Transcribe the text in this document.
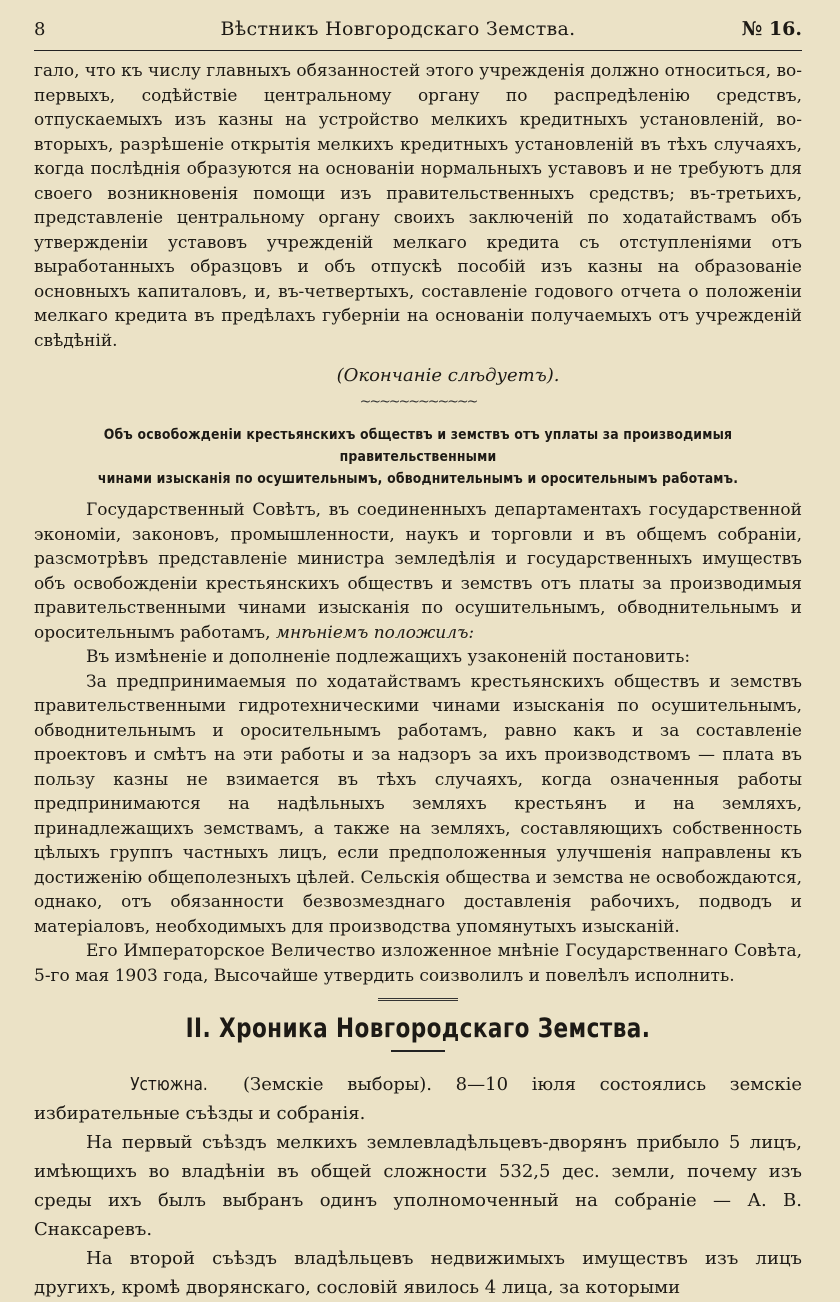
8	Вѣстникъ Новгородскаго Земства.	№ 16.

гало, что къ числу главныхъ обязанностей этого учрежденія должно относиться, во-первыхъ, содѣйствіе центральному органу по распредѣленію средствъ, отпускаемыхъ изъ казны на устройство мелкихъ кредитныхъ установленій, во-вторыхъ, разрѣшеніе открытія мелкихъ кредитныхъ установленій въ тѣхъ случаяхъ, когда послѣднія образуются на основаніи нормальныхъ уставовъ и не требуютъ для своего возникновенія помощи изъ правительственныхъ средствъ; въ-третьихъ, представленіе центральному органу своихъ заключеній по ходатайствамъ объ утвержденіи уставовъ учрежденій мелкаго кредита съ отступленіями отъ выработанныхъ образцовъ и объ отпускѣ пособій изъ казны на образованіе основныхъ капиталовъ, и, въ-четвертыхъ, составленіе годового отчета о положеніи мелкаго кредита въ предѣлахъ губерніи на основаніи получаемыхъ отъ учрежденій свѣдѣній.

(Окончаніе слѣдуетъ).
~~~~~~~~~~~~
Объ освобожденіи крестьянскихъ обществъ и земствъ отъ уплаты за производимыя правительственными
чинами изысканія по осушительнымъ, обводнительнымъ и оросительнымъ работамъ.

Государственный Совѣтъ, въ соединенныхъ департаментахъ государственной экономіи, законовъ, промышленности, наукъ и торговли и въ общемъ собраніи, разсмотрѣвъ представленіе министра земледѣлія и государственныхъ имуществъ объ освобожденіи крестьянскихъ обществъ и земствъ отъ платы за производимыя правительственными чинами изысканія по осушительнымъ, обводнительнымъ и оросительнымъ работамъ, мнѣніемъ положилъ:

Въ измѣненіе и дополненіе подлежащихъ узаконеній постановить:

За предпринимаемыя по ходатайствамъ крестьянскихъ обществъ и земствъ правительственными гидротехническими чинами изысканія по осушительнымъ, обводнительнымъ и оросительнымъ работамъ, равно какъ и за составленіе проектовъ и смѣтъ на эти работы и за надзоръ за ихъ производствомъ — плата въ пользу казны не взимается въ тѣхъ случаяхъ, когда означенныя работы предпринимаются на надѣльныхъ земляхъ крестьянъ и на земляхъ, принадлежащихъ земствамъ, а также на земляхъ, составляющихъ собственность цѣлыхъ группъ частныхъ лицъ, если предположенныя улучшенія направлены къ достиженію общеполезныхъ цѣлей. Сельскія общества и земства не освобождаются, однако, отъ обязанности безвозмезднаго доставленія рабочихъ, подводъ и матеріаловъ, необходимыхъ для производства упомянутыхъ изысканій.

Его Императорское Величество изложенное мнѣніе Государственнаго Совѣта, 5-го мая 1903 года, Высочайше утвердить соизволилъ и повелѣлъ исполнить.

II. Хроника Новгородскаго Земства.

Устюжна. (Земскіе выборы). 8—10 іюля состоялись земскіе избирательные съѣзды и собранія.

На первый съѣздъ мелкихъ землевладѣльцевъ-дворянъ прибыло 5 лицъ, имѣющихъ во владѣніи въ общей сложности 532,5 дес. земли, почему изъ среды ихъ былъ выбранъ одинъ уполномоченный на собраніе — А. В. Снаксаревъ.

На второй съѣздъ владѣльцевъ недвижимыхъ имуществъ изъ лицъ другихъ, кромѣ дворянскаго, сословій явилось 4 лица, за которыми
